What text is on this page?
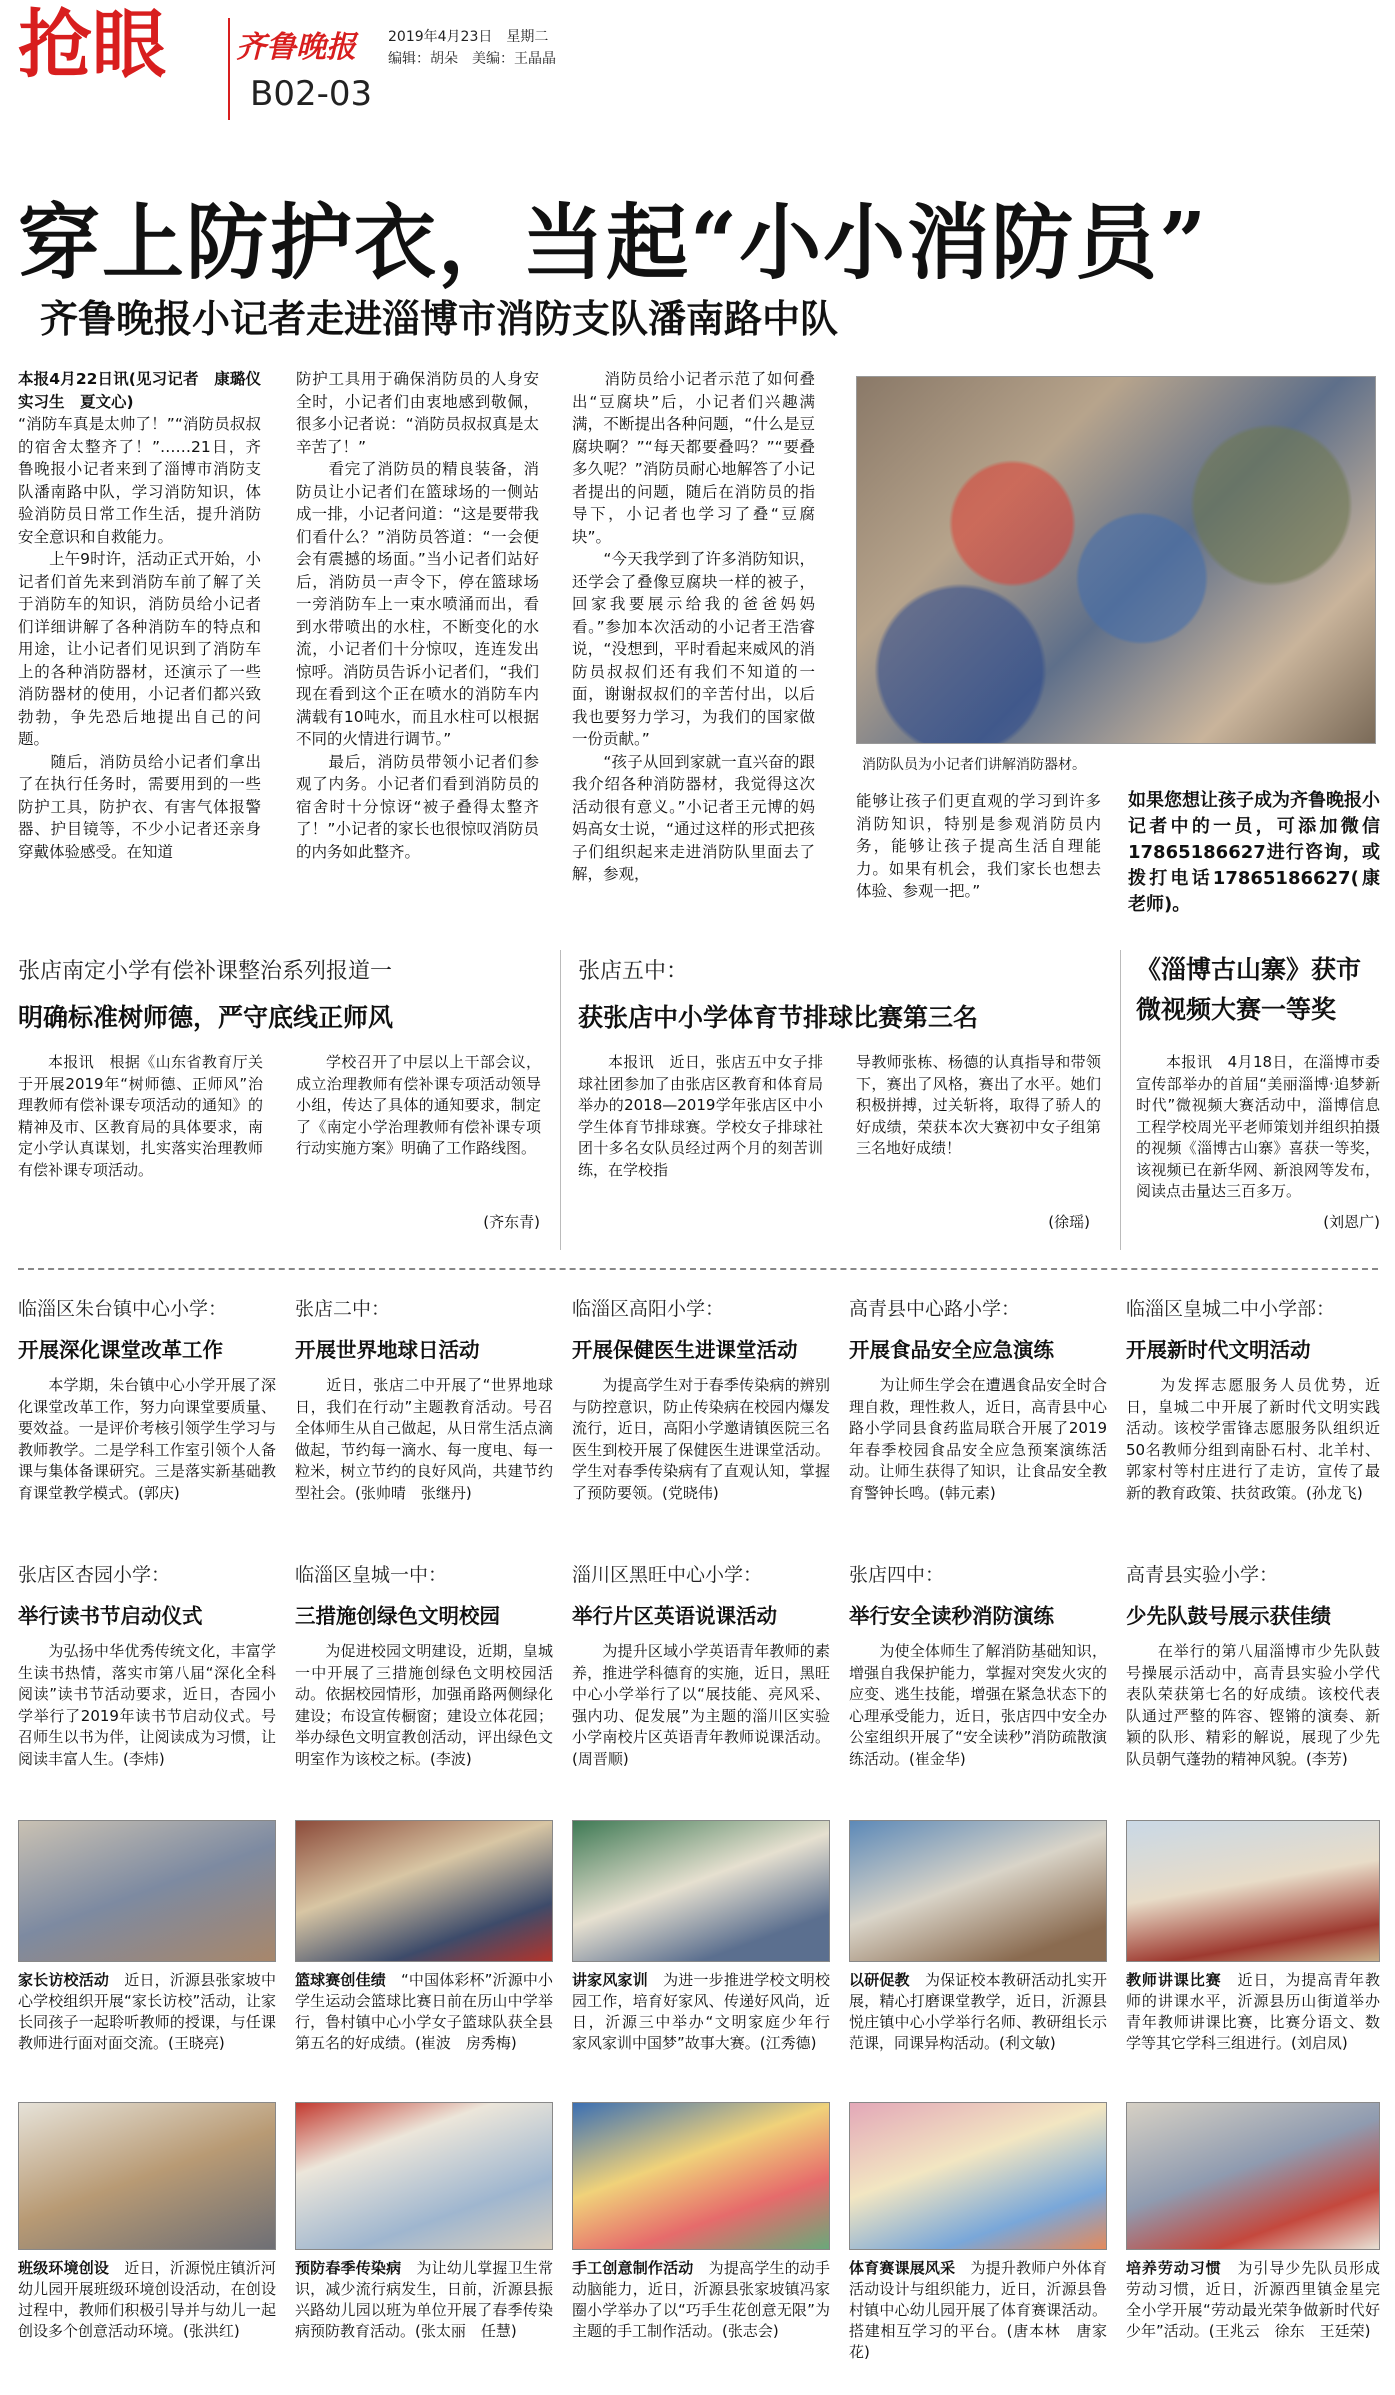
抢眼 齐鲁晚报
B02-03
2019年4月23日　星期二
编辑：胡朵　美编：王晶晶
穿上防护衣，当起“小小消防员”
齐鲁晚报小记者走进淄博市消防支队潘南路中队
本报4月22日讯(见习记者　康璐仪　实习生　夏文心)
“消防车真是太帅了！”“消防员叔叔的宿舍太整齐了！”……21日，齐鲁晚报小记者来到了淄博市消防支队潘南路中队，学习消防知识，体验消防员日常工作生活，提升消防安全意识和自救能力。
　　上午9时许，活动正式开始，小记者们首先来到消防车前了解了关于消防车的知识，消防员给小记者们详细讲解了各种消防车的特点和用途，让小记者们见识到了消防车上的各种消防器材，还演示了一些消防器材的使用，小记者们都兴致勃勃，争先恐后地提出自己的问题。
　　随后，消防员给小记者们拿出了在执行任务时，需要用到的一些防护工具，防护衣、有害气体报警器、护目镜等，不少小记者还亲身穿戴体验感受。在知道
防护工具用于确保消防员的人身安全时，小记者们由衷地感到敬佩，很多小记者说：“消防员叔叔真是太辛苦了！”
　　看完了消防员的精良装备，消防员让小记者们在篮球场的一侧站成一排，小记者问道：“这是要带我们看什么？”消防员答道：“一会便会有震撼的场面。”当小记者们站好后，消防员一声令下，停在篮球场一旁消防车上一束水喷涌而出，看到水带喷出的水柱，不断变化的水流，小记者们十分惊叹，连连发出惊呼。消防员告诉小记者们，“我们现在看到这个正在喷水的消防车内满载有10吨水，而且水柱可以根据不同的火情进行调节。”
　　最后，消防员带领小记者们参观了内务。小记者们看到消防员的宿舍时十分惊讶“被子叠得太整齐了！”小记者的家长也很惊叹消防员的内务如此整齐。
　　消防员给小记者示范了如何叠出“豆腐块”后，小记者们兴趣满满，不断提出各种问题，“什么是豆腐块啊？”“每天都要叠吗？”“要叠多久呢？”消防员耐心地解答了小记者提出的问题，随后在消防员的指导下，小记者也学习了叠“豆腐块”。
　　“今天我学到了许多消防知识，还学会了叠像豆腐块一样的被子，回家我要展示给我的爸爸妈妈看。”参加本次活动的小记者王浩睿说，“没想到，平时看起来威风的消防员叔叔们还有我们不知道的一面，谢谢叔叔们的辛苦付出，以后我也要努力学习，为我们的国家做一份贡献。”
　　“孩子从回到家就一直兴奋的跟我介绍各种消防器材，我觉得这次活动很有意义。”小记者王元博的妈妈高女士说，“通过这样的形式把孩子们组织起来走进消防队里面去了解，参观，
消防队员为小记者们讲解消防器材。
能够让孩子们更直观的学习到许多消防知识，特别是参观消防员内务，能够让孩子提高生活自理能力。如果有机会，我们家长也想去体验、参观一把。”
如果您想让孩子成为齐鲁晚报小记者中的一员，可添加微信17865186627进行咨询，或拨打电话17865186627(康老师)。
张店南定小学有偿补课整治系列报道一
明确标准树师德，严守底线正师风
本报讯　根据《山东省教育厅关于开展2019年“树师德、正师风”治理教师有偿补课专项活动的通知》的精神及市、区教育局的具体要求，南定小学认真谋划，扎实落实治理教师有偿补课专项活动。
学校召开了中层以上干部会议，成立治理教师有偿补课专项活动领导小组，传达了具体的通知要求，制定了《南定小学治理教师有偿补课专项行动实施方案》明确了工作路线图。
(齐东青)
张店五中：
获张店中小学体育节排球比赛第三名
本报讯　近日，张店五中女子排球社团参加了由张店区教育和体育局举办的2018—2019学年张店区中小学生体育节排球赛。学校女子排球社团十多名女队员经过两个月的刻苦训练，在学校指
导教师张栋、杨德的认真指导和带领下，赛出了风格，赛出了水平。她们积极拼搏，过关斩将，取得了骄人的好成绩，荣获本次大赛初中女子组第三名地好成绩！
(徐瑶)
《淄博古山寨》获市微视频大赛一等奖
本报讯　4月18日，在淄博市委宣传部举办的首届“美丽淄博·追梦新时代”微视频大赛活动中，淄博信息工程学校周光平老师策划并组织拍摄的视频《淄博古山寨》喜获一等奖，该视频已在新华网、新浪网等发布，阅读点击量达三百多万。
(刘恩广)
临淄区朱台镇中心小学：
开展深化课堂改革工作
　　本学期，朱台镇中心小学开展了深化课堂改革工作，努力向课堂要质量、要效益。一是评价考核引领学生学习与教师教学。二是学科工作室引领个人备课与集体备课研究。三是落实新基础教育课堂教学模式。(郭庆)
张店二中：
开展世界地球日活动
　　近日，张店二中开展了“世界地球日，我们在行动”主题教育活动。号召全体师生从自己做起，从日常生活点滴做起，节约每一滴水、每一度电、每一粒米，树立节约的良好风尚，共建节约型社会。(张帅晴　张继丹)
临淄区高阳小学：
开展保健医生进课堂活动
　　为提高学生对于春季传染病的辨别与防控意识，防止传染病在校园内爆发流行，近日，高阳小学邀请镇医院三名医生到校开展了保健医生进课堂活动。学生对春季传染病有了直观认知，掌握了预防要领。(党晓伟)
高青县中心路小学：
开展食品安全应急演练
　　为让师生学会在遭遇食品安全时合理自救，理性救人，近日，高青县中心路小学同县食药监局联合开展了2019年春季校园食品安全应急预案演练活动。让师生获得了知识，让食品安全教育警钟长鸣。(韩元素)
临淄区皇城二中小学部：
开展新时代文明活动
　　为发挥志愿服务人员优势，近日，皇城二中开展了新时代文明实践活动。该校学雷锋志愿服务队组织近50名教师分组到南卧石村、北羊村、郭家村等村庄进行了走访，宣传了最新的教育政策、扶贫政策。(孙龙飞)
张店区杏园小学：
举行读书节启动仪式
　　为弘扬中华优秀传统文化，丰富学生读书热情，落实市第八届“深化全科阅读”读书节活动要求，近日，杏园小学举行了2019年读书节启动仪式。号召师生以书为伴，让阅读成为习惯，让阅读丰富人生。(李炜)
临淄区皇城一中：
三措施创绿色文明校园
　　为促进校园文明建设，近期，皇城一中开展了三措施创绿色文明校园活动。依据校园情形，加强甬路两侧绿化建设；布设宣传橱窗；建设立体花园；举办绿色文明宣教创活动，评出绿色文明室作为该校之标。(李波)
淄川区黑旺中心小学：
举行片区英语说课活动
　　为提升区域小学英语青年教师的素养，推进学科德育的实施，近日，黑旺中心小学举行了以“展技能、亮风采、强内功、促发展”为主题的淄川区实验小学南校片区英语青年教师说课活动。(周晋顺)
张店四中：
举行安全读秒消防演练
　　为使全体师生了解消防基础知识，增强自我保护能力，掌握对突发火灾的应变、逃生技能，增强在紧急状态下的心理承受能力，近日，张店四中安全办公室组织开展了“安全读秒”消防疏散演练活动。(崔金华)
高青县实验小学：
少先队鼓号展示获佳绩
　　在举行的第八届淄博市少先队鼓号操展示活动中，高青县实验小学代表队荣获第七名的好成绩。该校代表队通过严整的阵容、铿锵的演奏、新颖的队形、精彩的解说，展现了少先队员朝气蓬勃的精神风貌。(李芳)
家长访校活动　 近日，沂源县张家坡中心学校组织开展“家长访校”活动，让家长同孩子一起聆听教师的授课，与任课教师进行面对面交流。(王晓亮)
篮球赛创佳绩　 “中国体彩杯”沂源中小学生运动会篮球比赛日前在历山中学举行，鲁村镇中心小学女子篮球队获全县第五名的好成绩。(崔波　房秀梅)
讲家风家训　 为进一步推进学校文明校园工作，培育好家风、传递好风尚，近日，沂源三中举办“文明家庭少年行　家风家训中国梦”故事大赛。(江秀德)
以研促教　 为保证校本教研活动扎实开展，精心打磨课堂教学，近日，沂源县悦庄镇中心小学举行名师、教研组长示范课，同课异构活动。(利文敏)
教师讲课比赛　 近日，为提高青年教师的讲课水平，沂源县历山街道举办青年教师讲课比赛，比赛分语文、数学等其它学科三组进行。(刘启凤)
班级环境创设　 近日，沂源悦庄镇沂河幼儿园开展班级环境创设活动，在创设过程中，教师们积极引导并与幼儿一起创设多个创意活动环境。(张洪红)
预防春季传染病　 为让幼儿掌握卫生常识，减少流行病发生，日前，沂源县振兴路幼儿园以班为单位开展了春季传染病预防教育活动。(张太丽　任慧)
手工创意制作活动　 为提高学生的动手动脑能力，近日，沂源县张家坡镇冯家圈小学举办了以“巧手生花创意无限”为主题的手工制作活动。(张志会)
体育赛课展风采　 为提升教师户外体育活动设计与组织能力，近日，沂源县鲁村镇中心幼儿园开展了体育赛课活动。搭建相互学习的平台。(唐本林　唐家花)
培养劳动习惯　 为引导少先队员形成劳动习惯，近日，沂源西里镇金星完全小学开展“劳动最光荣争做新时代好少年”活动。(王兆云　徐东　王廷荣)
